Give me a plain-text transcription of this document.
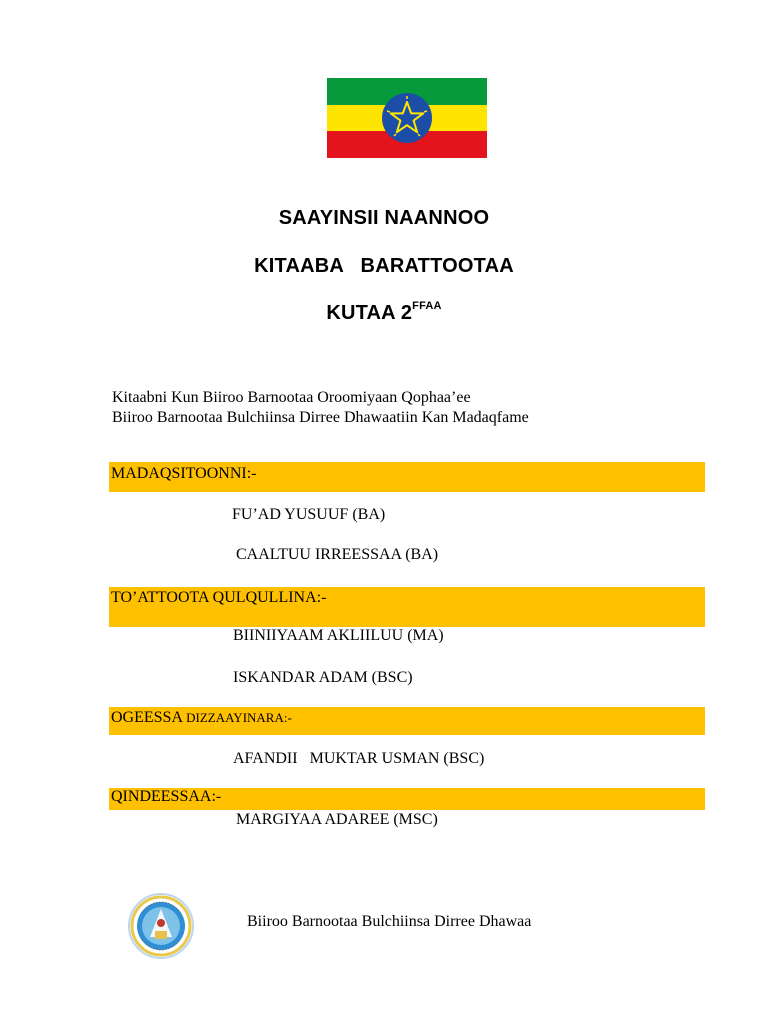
SAAYINSII NAANNOO
KITAABA   BARATTOOTAA
KUTAA $2^{FFAA}$
Kitaabni Kun Biiroo Barnootaa Oroomiyaan Qophaa’ee
Biiroo Barnootaa Bulchiinsa Dirree Dhawaatiin Kan Madaqfame
MADAQSITOONNI:-
FU’AD YUSUUF (BA)
CAALTUU IRREESSAA (BA)
TO’ATTOOTA QULQULLINA:-
BIINIIYAAM AKLIILUU (MA)
ISKANDAR ADAM (BSC)
OGEESSA DIZZAAYINARA:-
AFANDII   MUKTAR USMAN (BSC)
QINDEESSAA:-
MARGIYAA ADAREE (MSC)
Biiroo Barnootaa Bulchiinsa Dirree Dhawaa
